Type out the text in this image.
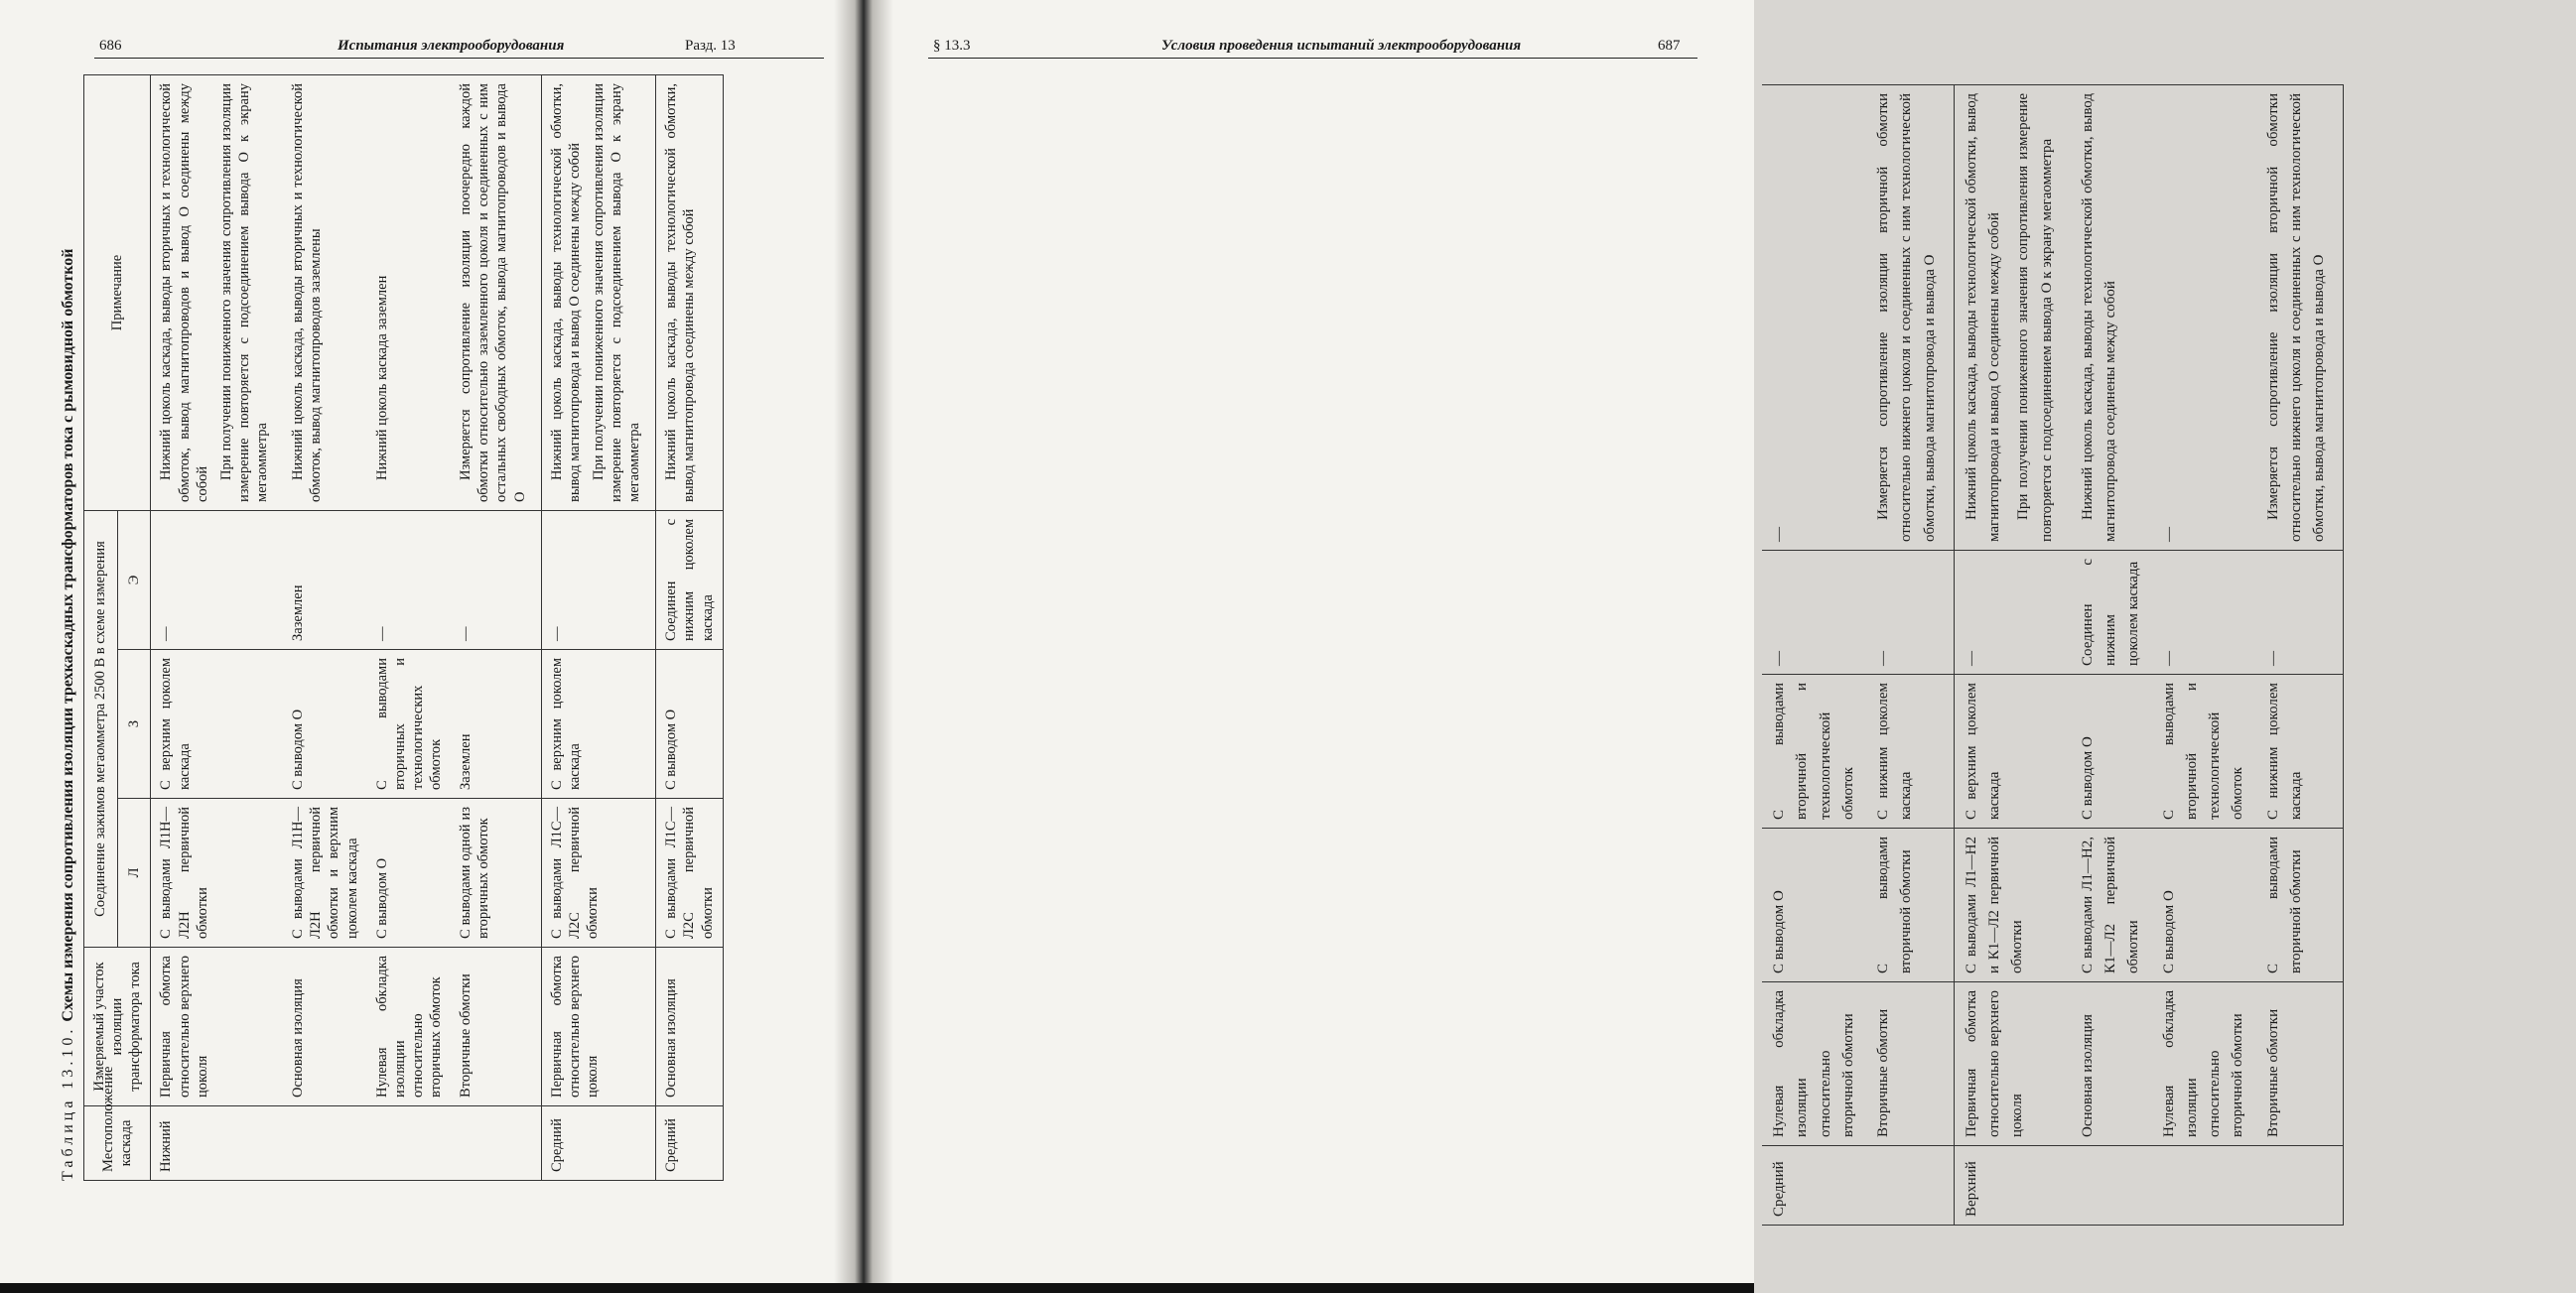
686	Испытания электрооборудования	Разд. 13
Таблица 13.10. Схемы измерения сопротивления изоляции трехкаскадных трансформаторов тока с рымовидной обмоткой
Местоположение каскада	Измеряемый участок изоляции трансформатора тока	Соединение зажимов мегаомметра 2500 В в схеме измерения			Примечание
		Л	З	Э	
Нижний	Первичная обмотка относительно верхнего цоколя	С выводами Л1Н—Л2Н первичной обмотки	С верхним цоколем каскада	—	Нижний цоколь каскада, выводы вторичных и технологической обмоток, вывод магнитопроводов и вывод О соединены между собой

При получении пониженного значения сопротивления изоляции измерение повторяется с подсоединением вывода О к экрану мегаомметра

	Основная изоляция	С выводами Л1Н—Л2Н первичной обмотки и верхним цоколем каскада	С выводом О	Заземлен	Нижний цоколь каскада, выводы вторичных и технологической обмоток, вывод магнитопроводов заземлены

	Нулевая обкладка изоляции относительно вторичных обмоток	С выводом О	С выводами вторичных и технологических обмоток	—	Нижний цоколь каскада заземлен

	Вторичные обмотки	С выводами одной из вторичных обмоток	Заземлен	—	Измеряется сопротивление изоляции поочередно каждой обмотки относительно заземленного цоколя и соединенных с ним остальных свободных обмоток, вывода магнитопроводов и вывода О

Средний	Первичная обмотка относительно верхнего цоколя	С выводами Л1С—Л2С первичной обмотки	С верхним цоколем каскада	—	Нижний цоколь каскада, выводы технологической обмотки, вывод магнитопровода и вывод О соединены между собой При получении пониженного значения сопротивления изоляции измерение повторяется с подсоединением вывода О к экрану мегаомметра

Средний	Основная изоляция	С выводами Л1С—Л2С первичной обмотки	С выводом О	Соединен с нижним цоколем каскада	Нижний цоколь каскада, выводы технологической обмотки, вывод магнитопровода соединены между собой

§ 13.3	Условия проведения испытаний электрооборудования	687
Средний	Нулевая обкладка изоляции относительно вторичной обмотки	С выводом О	С выводами вторичной и технологической обмоток	—	—

	Вторичные обмотки	С выводами вторичной обмотки	С нижним цоколем каскада	—	Измеряется сопротивление изоляции вторичной обмотки относительно нижнего цоколя и соединенных с ним технологической обмотки, вывода магнитопровода и вывода О

Верхний	Первичная обмотка относительно верхнего цоколя	С выводами Л1—Н2 и К1—Л2 первичной обмотки	С верхним цоколем каскада	—	Нижний цоколь каскада, выводы технологической обмотки, вывод магнитопровода и вывод О соединены между собой При получении пониженного значения сопротивления измерение повторяется с подсоединением вывода О к экрану мегаомметра

	Основная изоляция	С выводами Л1—Н2, К1—Л2 первичной обмотки	С выводом О	Соединен с нижним цоколем каскада	Нижний цоколь каскада, выводы технологической обмотки, вывод магнитопровода соединены между собой

	Нулевая обкладка изоляции относительно вторичной обмотки	С выводом О	С выводами вторичной и технологической обмоток	—	—

	Вторичные обмотки	С выводами вторичной обмотки	С нижним цоколем каскада	—	Измеряется сопротивление изоляции вторичной обмотки относительно нижнего цоколя и соединенных с ним технологической обмотки, вывода магнитопровода и вывода О
